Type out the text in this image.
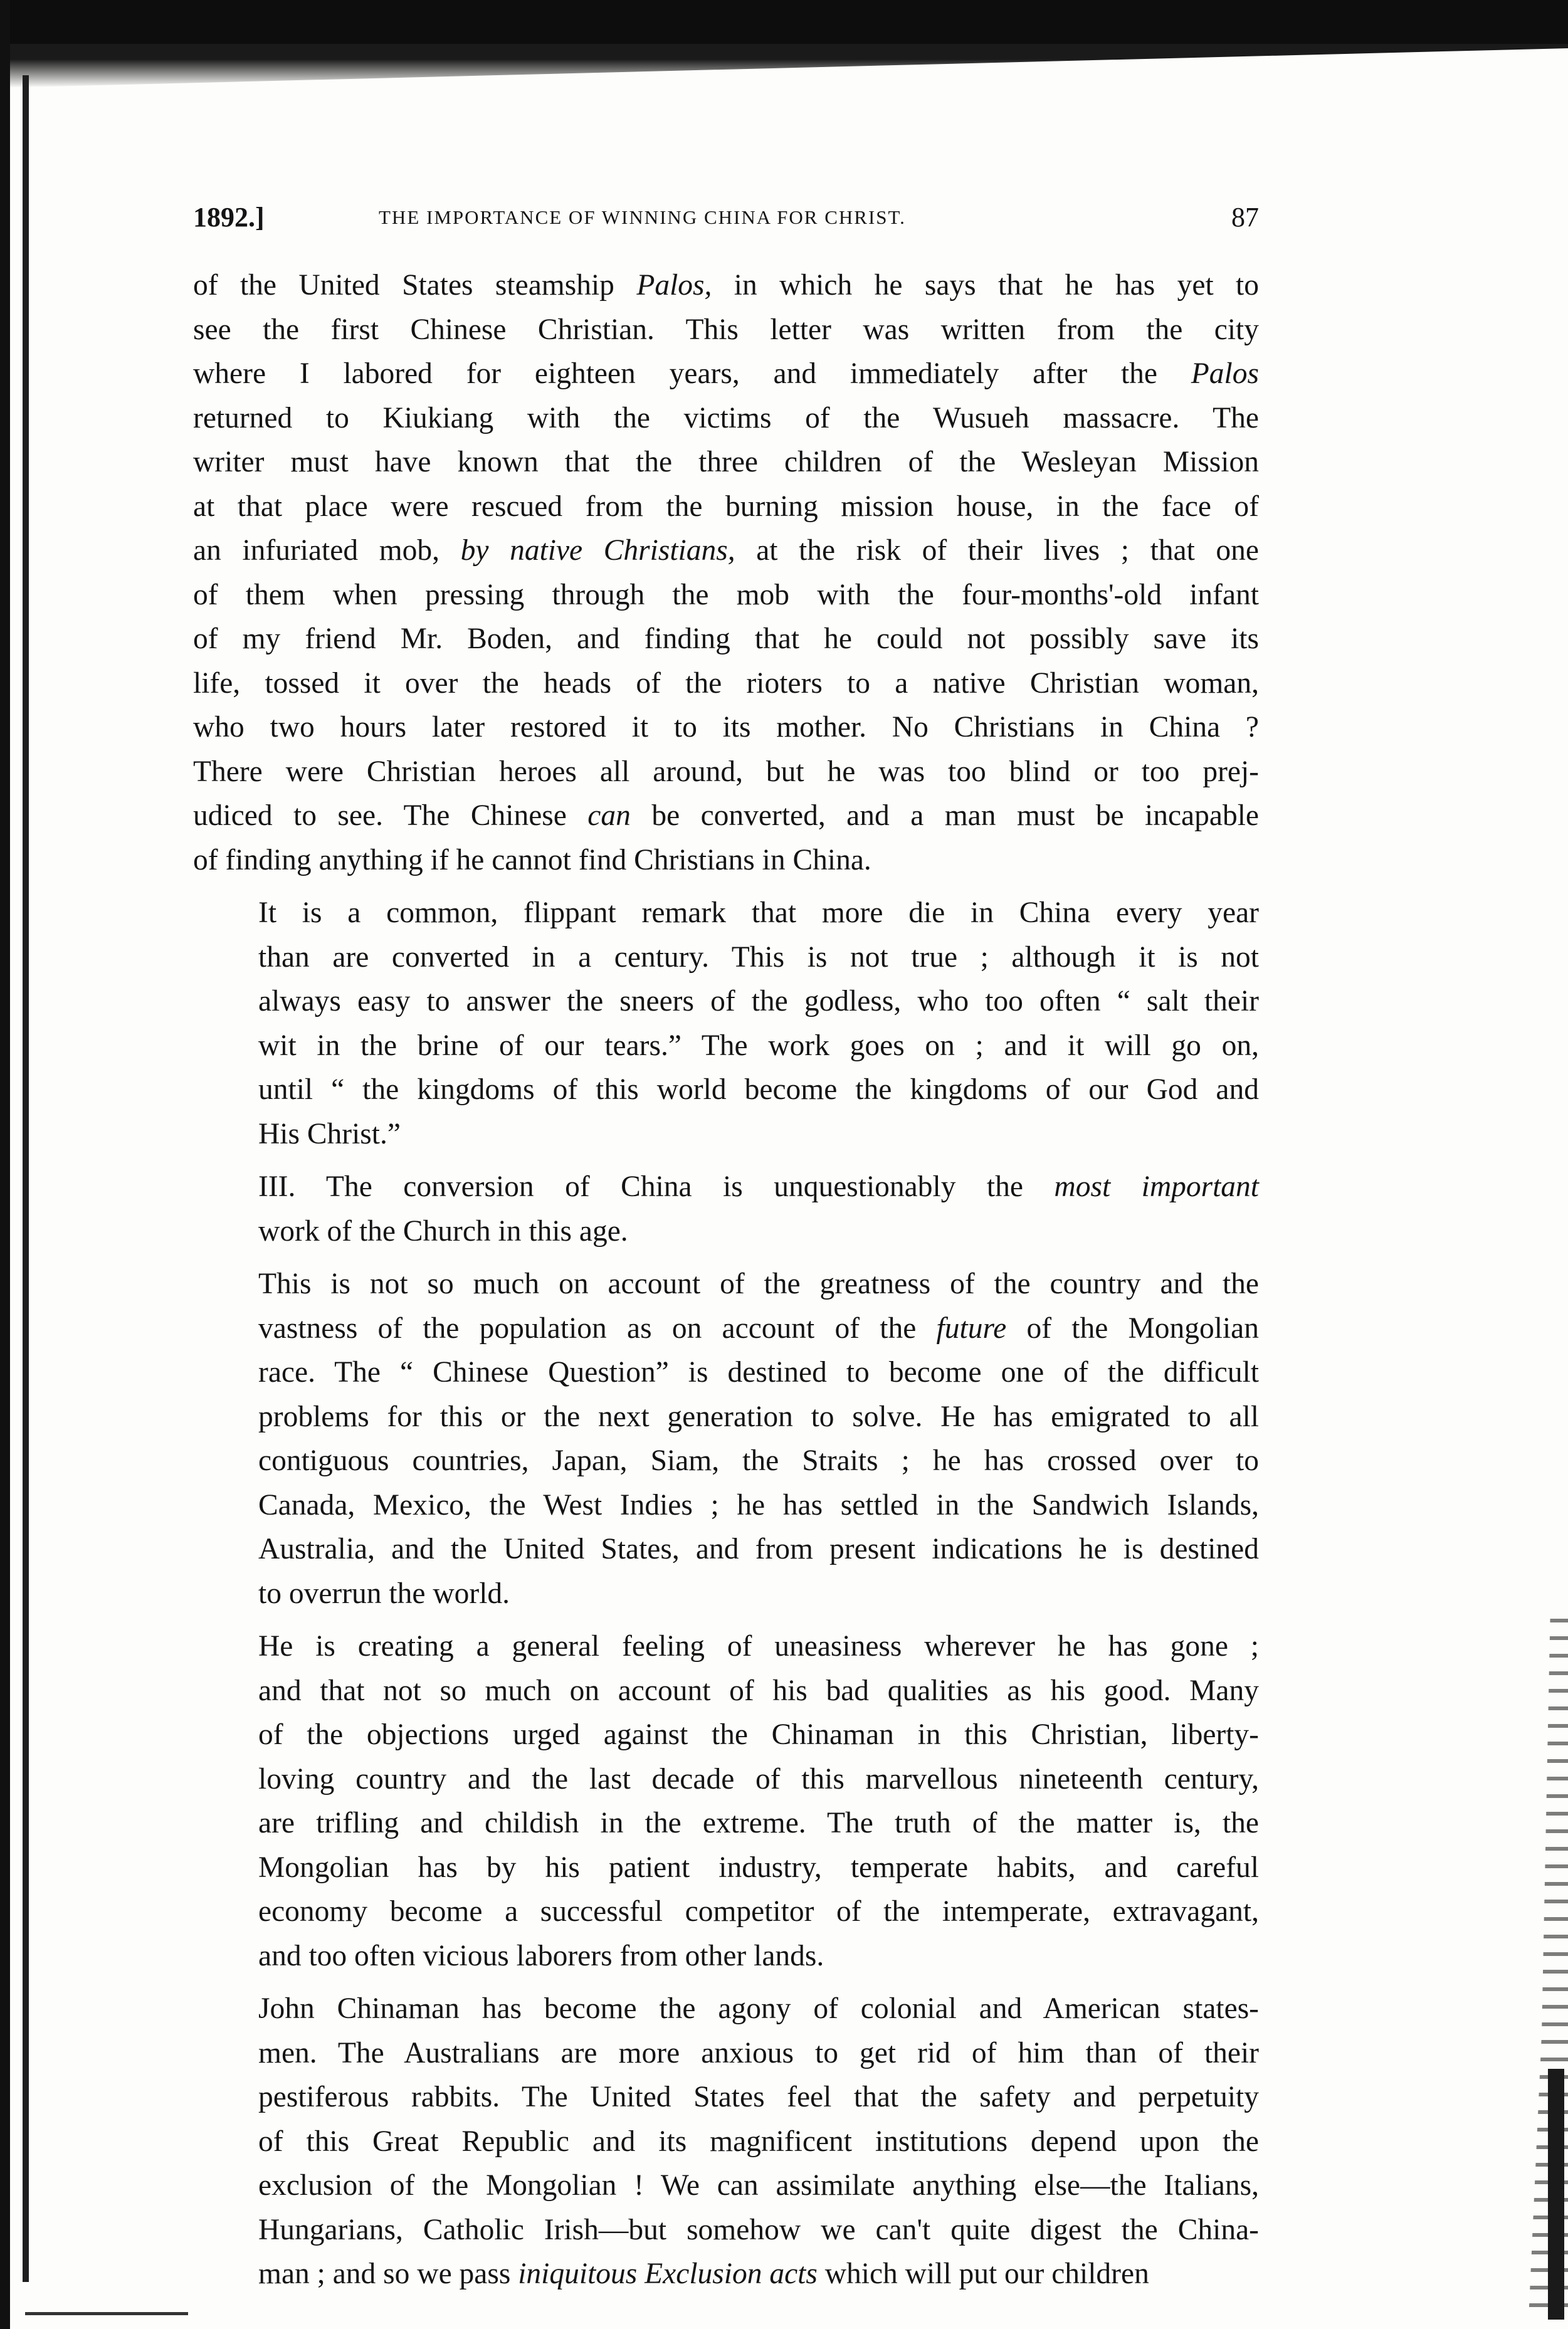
1892.]	THE IMPORTANCE OF WINNING CHINA FOR CHRIST.	87

of the United States steamship Palos, in which he says that he has yet to
see the first Chinese Christian. This letter was written from the city
where I labored for eighteen years, and immediately after the Palos
returned to Kiukiang with the victims of the Wusueh massacre. The
writer must have known that the three children of the Wesleyan Mission
at that place were rescued from the burning mission house, in the face of
an infuriated mob, by native Christians, at the risk of their lives ; that one
of them when pressing through the mob with the four-months'-old infant
of my friend Mr. Boden, and finding that he could not possibly save its
life, tossed it over the heads of the rioters to a native Christian woman,
who two hours later restored it to its mother. No Christians in China ?
There were Christian heroes all around, but he was too blind or too prej-
udiced to see. The Chinese can be converted, and a man must be incapable
of finding anything if he cannot find Christians in China.

It is a common, flippant remark that more die in China every year
than are converted in a century. This is not true ; although it is not
always easy to answer the sneers of the godless, who too often “ salt their
wit in the brine of our tears.” The work goes on ; and it will go on,
until “ the kingdoms of this world become the kingdoms of our God and
His Christ.”

III. The conversion of China is unquestionably the most important
work of the Church in this age.

This is not so much on account of the greatness of the country and the
vastness of the population as on account of the future of the Mongolian
race. The “ Chinese Question” is destined to become one of the difficult
problems for this or the next generation to solve. He has emigrated to all
contiguous countries, Japan, Siam, the Straits ; he has crossed over to
Canada, Mexico, the West Indies ; he has settled in the Sandwich Islands,
Australia, and the United States, and from present indications he is destined
to overrun the world.

He is creating a general feeling of uneasiness wherever he has gone ;
and that not so much on account of his bad qualities as his good. Many
of the objections urged against the Chinaman in this Christian, liberty-
loving country and the last decade of this marvellous nineteenth century,
are trifling and childish in the extreme. The truth of the matter is, the
Mongolian has by his patient industry, temperate habits, and careful
economy become a successful competitor of the intemperate, extravagant,
and too often vicious laborers from other lands.

John Chinaman has become the agony of colonial and American states-
men. The Australians are more anxious to get rid of him than of their
pestiferous rabbits. The United States feel that the safety and perpetuity
of this Great Republic and its magnificent institutions depend upon the
exclusion of the Mongolian ! We can assimilate anything else—the Italians,
Hungarians, Catholic Irish—but somehow we can't quite digest the China-
man ; and so we pass iniquitous Exclusion acts which will put our children
